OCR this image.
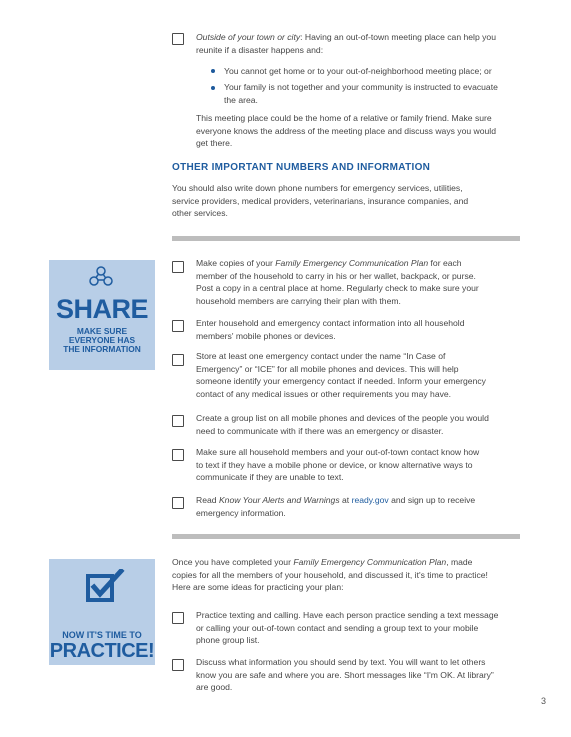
Outside of your town or city: Having an out-of-town meeting place can help you
reunite if a disaster happens and:
You cannot get home or to your out-of-neighborhood meeting place; or
Your family is not together and your community is instructed to evacuate
the area.
This meeting place could be the home of a relative or family friend. Make sure
everyone knows the address of the meeting place and discuss ways you would
get there.
OTHER IMPORTANT NUMBERS AND INFORMATION
You should also write down phone numbers for emergency services, utilities,
service providers, medical providers, veterinarians, insurance companies, and
other services.
SHARE
MAKE SURE
EVERYONE HAS
THE INFORMATION
Make copies of your Family Emergency Communication Plan for each
member of the household to carry in his or her wallet, backpack, or purse.
Post a copy in a central place at home. Regularly check to make sure your
household members are carrying their plan with them.
Enter household and emergency contact information into all household
members' mobile phones or devices.
Store at least one emergency contact under the name “In Case of
Emergency” or “ICE” for all mobile phones and devices. This will help
someone identify your emergency contact if needed. Inform your emergency
contact of any medical issues or other requirements you may have.
Create a group list on all mobile phones and devices of the people you would
need to communicate with if there was an emergency or disaster.
Make sure all household members and your out-of-town contact know how
to text if they have a mobile phone or device, or know alternative ways to
communicate if they are unable to text.
Read Know Your Alerts and Warnings at ready.gov and sign up to receive
emergency information.
NOW IT'S TIME TO
PRACTICE!
Once you have completed your Family Emergency Communication Plan, made
copies for all the members of your household, and discussed it, it's time to practice!
Here are some ideas for practicing your plan:
Practice texting and calling. Have each person practice sending a text message
or calling your out-of-town contact and sending a group text to your mobile
phone group list.
Discuss what information you should send by text. You will want to let others
know you are safe and where you are. Short messages like “I'm OK. At library”
are good.
3
